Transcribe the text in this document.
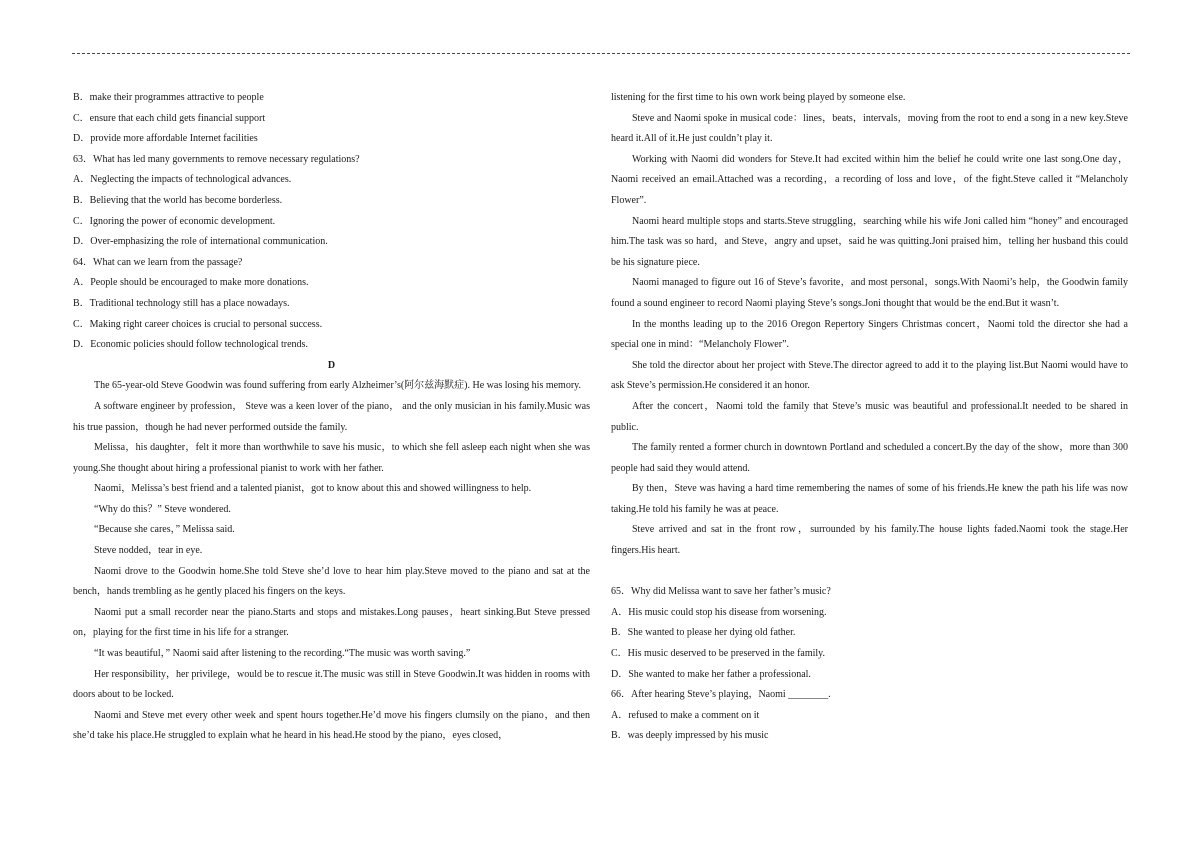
B．make their programmes attractive to people

C．ensure that each child gets financial support

D．provide more affordable Internet facilities

63．What has led many governments to remove necessary regulations?

A．Neglecting the impacts of technological advances.

B．Believing that the world has become borderless.

C．Ignoring the power of economic development.

D．Over-emphasizing the role of international communication.

64．What can we learn from the passage?

A．People should be encouraged to make more donations.

B．Traditional technology still has a place nowadays.

C．Making right career choices is crucial to personal success.

D．Economic policies should follow technological trends.

D

The 65-year-old Steve Goodwin was found suffering from early Alzheimer’s(阿尔兹海默症). He was losing his memory.

A software engineer by profession， Steve was a keen lover of the piano， and the only musician in his family.Music was his true passion，though he had never performed outside the family.

Melissa，his daughter，felt it more than worthwhile to save his music，to which she fell asleep each night when she was young.She thought about hiring a professional pianist to work with her father.

Naomi，Melissa’s best friend and a talented pianist，got to know about this and showed willingness to help.

“Why do this？” Steve wondered.

“Because she cares，” Melissa said.

Steve nodded，tear in eye.

Naomi drove to the Goodwin home.She told Steve she’d love to hear him play.Steve moved to the piano and sat at the bench，hands trembling as he gently placed his fingers on the keys.

Naomi put a small recorder near the piano.Starts and stops and mistakes.Long pauses，heart sinking.But Steve pressed on，playing for the first time in his life for a stranger.

“It was beautiful，” Naomi said after listening to the recording.“The music was worth saving.”

Her responsibility，her privilege，would be to rescue it.The music was still in Steve Goodwin.It was hidden in rooms with doors about to be locked.

Naomi and Steve met every other week and spent hours together.He’d move his fingers clumsily on the piano，and then she’d take his place.He struggled to explain what he heard in his head.He stood by the piano，eyes closed，

listening for the first time to his own work being played by someone else.

Steve and Naomi spoke in musical code：lines，beats，intervals，moving from the root to end a song in a new key.Steve heard it.All of it.He just couldn’t play it.

Working with Naomi did wonders for Steve.It had excited within him the belief he could write one last song.One day，Naomi received an email.Attached was a recording，a recording of loss and love，of the fight.Steve called it “Melancholy Flower”.

Naomi heard multiple stops and starts.Steve struggling，searching while his wife Joni called him “honey” and encouraged him.The task was so hard，and Steve，angry and upset，said he was quitting.Joni praised him，telling her husband this could be his signature piece.

Naomi managed to figure out 16 of Steve’s favorite，and most personal，songs.With Naomi’s help，the Goodwin family found a sound engineer to record Naomi playing Steve’s songs.Joni thought that would be the end.But it wasn’t.

In the months leading up to the 2016 Oregon Repertory Singers Christmas concert，Naomi told the director she had a special one in mind：“Melancholy Flower”.

She told the director about her project with Steve.The director agreed to add it to the playing list.But Naomi would have to ask Steve’s permission.He considered it an honor.

After the concert，Naomi told the family that Steve’s music was beautiful and professional.It needed to be shared in public.

The family rented a former church in downtown Portland and scheduled a concert.By the day of the show，more than 300 people had said they would attend.

By then，Steve was having a hard time remembering the names of some of his friends.He knew the path his life was now taking.He told his family he was at peace.

Steve arrived and sat in the front row，surrounded by his family.The house lights faded.Naomi took the stage.Her fingers.His heart.

65．Why did Melissa want to save her father’s music?

A．His music could stop his disease from worsening.

B．She wanted to please her dying old father.

C．His music deserved to be preserved in the family.

D．She wanted to make her father a professional.

66．After hearing Steve’s playing，Naomi ________.

A．refused to make a comment on it

B．was deeply impressed by his music
